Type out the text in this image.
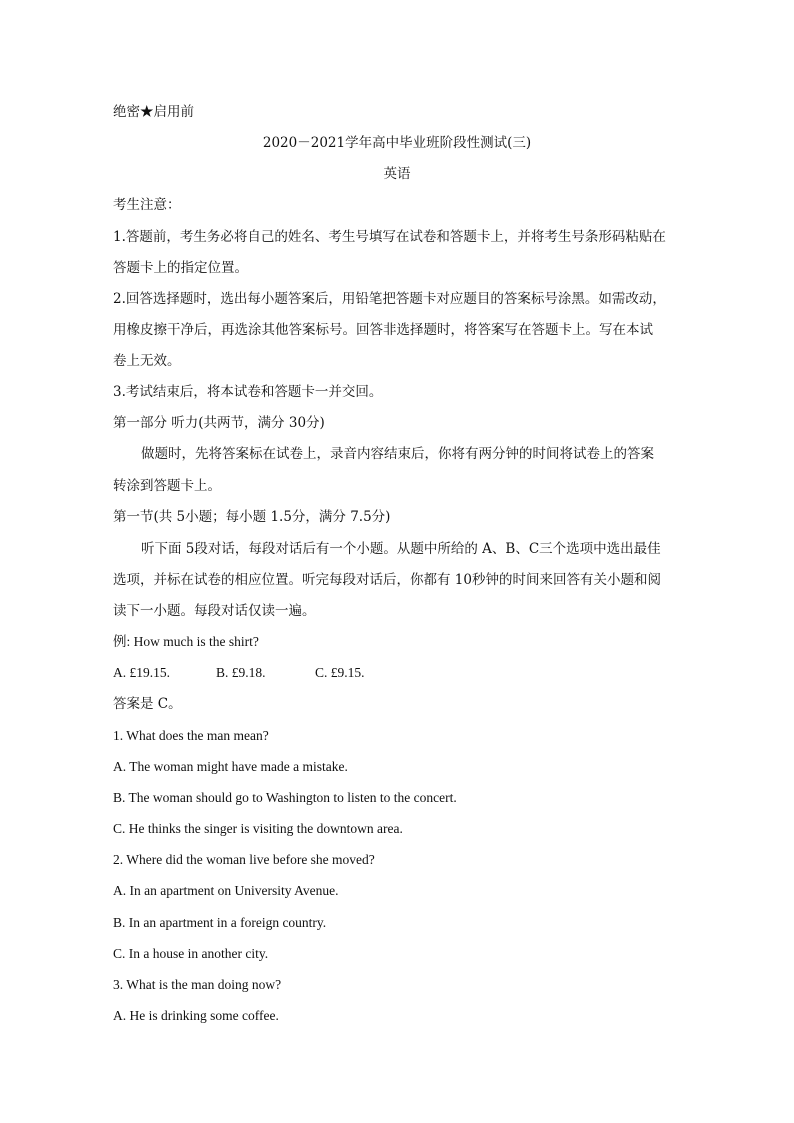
绝密★启用前
2020－2021学年高中毕业班阶段性测试(三)
英语
考生注意：
1.答题前，考生务必将自己的姓名、考生号填写在试卷和答题卡上，并将考生号条形码粘贴在
答题卡上的指定位置。
2.回答选择题时，选出每小题答案后，用铅笔把答题卡对应题目的答案标号涂黑。如需改动，
用橡皮擦干净后，再选涂其他答案标号。回答非选择题时，将答案写在答题卡上。写在本试
卷上无效。
3.考试结束后，将本试卷和答题卡一并交回。
第一部分 听力(共两节，满分 30分)
做题时，先将答案标在试卷上，录音内容结束后，你将有两分钟的时间将试卷上的答案
转涂到答题卡上。
第一节(共 5小题；每小题 1.5分，满分 7.5分)
听下面 5段对话，每段对话后有一个小题。从题中所给的 A、B、C三个选项中选出最佳
选项，并标在试卷的相应位置。听完每段对话后，你都有 10秒钟的时间来回答有关小题和阅
读下一小题。每段对话仅读一遍。
例: How much is the shirt?
A. £19.15.	B. £9.18.	C. £9.15.
答案是 C。
1. What does the man mean?
A. The woman might have made a mistake.
B. The woman should go to Washington to listen to the concert.
C. He thinks the singer is visiting the downtown area.
2. Where did the woman live before she moved?
A. In an apartment on University Avenue.
B. In an apartment in a foreign country.
C. In a house in another city.
3. What is the man doing now?
A. He is drinking some coffee.
